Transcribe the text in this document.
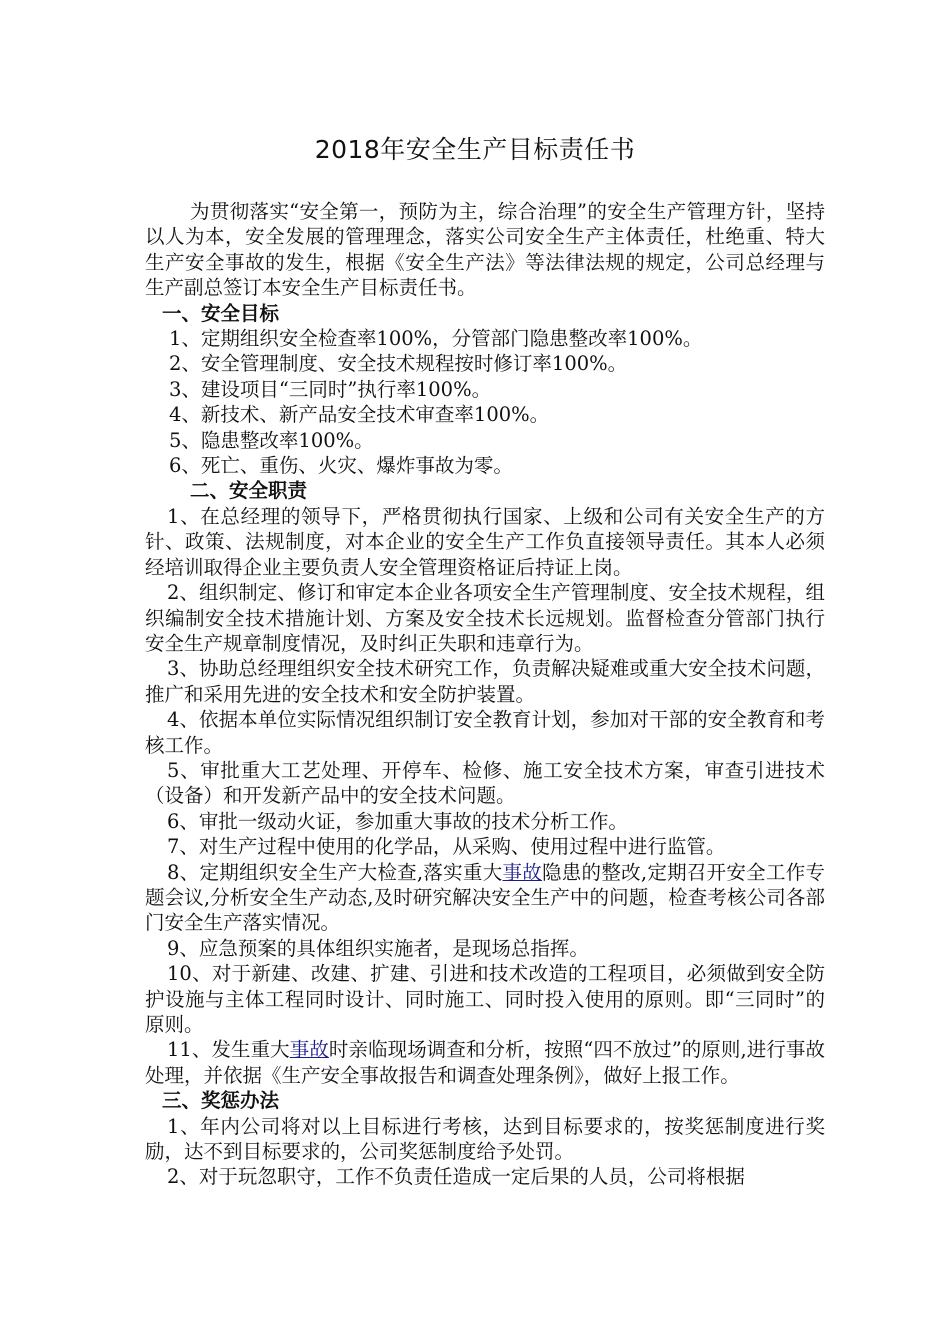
2018年安全生产目标责任书

为贯彻落实“安全第一，预防为主，综合治理”的安全生产管理方针，坚持以人为本，安全发展的管理理念，落实公司安全生产主体责任，杜绝重、特大生产安全事故的发生，根据《安全生产法》等法律法规的规定，公司总经理与生产副总签订本安全生产目标责任书。

一、安全目标

1、定期组织安全检查率100%，分管部门隐患整改率100%。

2、安全管理制度、安全技术规程按时修订率100%。

3、建设项目“三同时”执行率100%。

4、新技术、新产品安全技术审查率100%。

5、隐患整改率100%。

6、死亡、重伤、火灾、爆炸事故为零。

二、安全职责

1、在总经理的领导下，严格贯彻执行国家、上级和公司有关安全生产的方针、政策、法规制度，对本企业的安全生产工作负直接领导责任。其本人必须经培训取得企业主要负责人安全管理资格证后持证上岗。

2、组织制定、修订和审定本企业各项安全生产管理制度、安全技术规程，组织编制安全技术措施计划、方案及安全技术长远规划。监督检查分管部门执行安全生产规章制度情况，及时纠正失职和违章行为。

3、协助总经理组织安全技术研究工作，负责解决疑难或重大安全技术问题，推广和采用先进的安全技术和安全防护装置。

4、依据本单位实际情况组织制订安全教育计划，参加对干部的安全教育和考核工作。

5、审批重大工艺处理、开停车、检修、施工安全技术方案，审查引进技术（设备）和开发新产品中的安全技术问题。

6、审批一级动火证，参加重大事故的技术分析工作。

7、对生产过程中使用的化学品，从采购、使用过程中进行监管。

8、定期组织安全生产大检查,落实重大事故隐患的整改,定期召开安全工作专题会议,分析安全生产动态,及时研究解决安全生产中的问题，检查考核公司各部门安全生产落实情况。

9、应急预案的具体组织实施者，是现场总指挥。

10、对于新建、改建、扩建、引进和技术改造的工程项目，必须做到安全防护设施与主体工程同时设计、同时施工、同时投入使用的原则。即“三同时”的原则。

11、发生重大事故时亲临现场调查和分析，按照“四不放过”的原则,进行事故处理，并依据《生产安全事故报告和调查处理条例》，做好上报工作。

三、奖惩办法

1、年内公司将对以上目标进行考核，达到目标要求的，按奖惩制度进行奖励，达不到目标要求的，公司奖惩制度给予处罚。

2、对于玩忽职守，工作不负责任造成一定后果的人员，公司将根据
